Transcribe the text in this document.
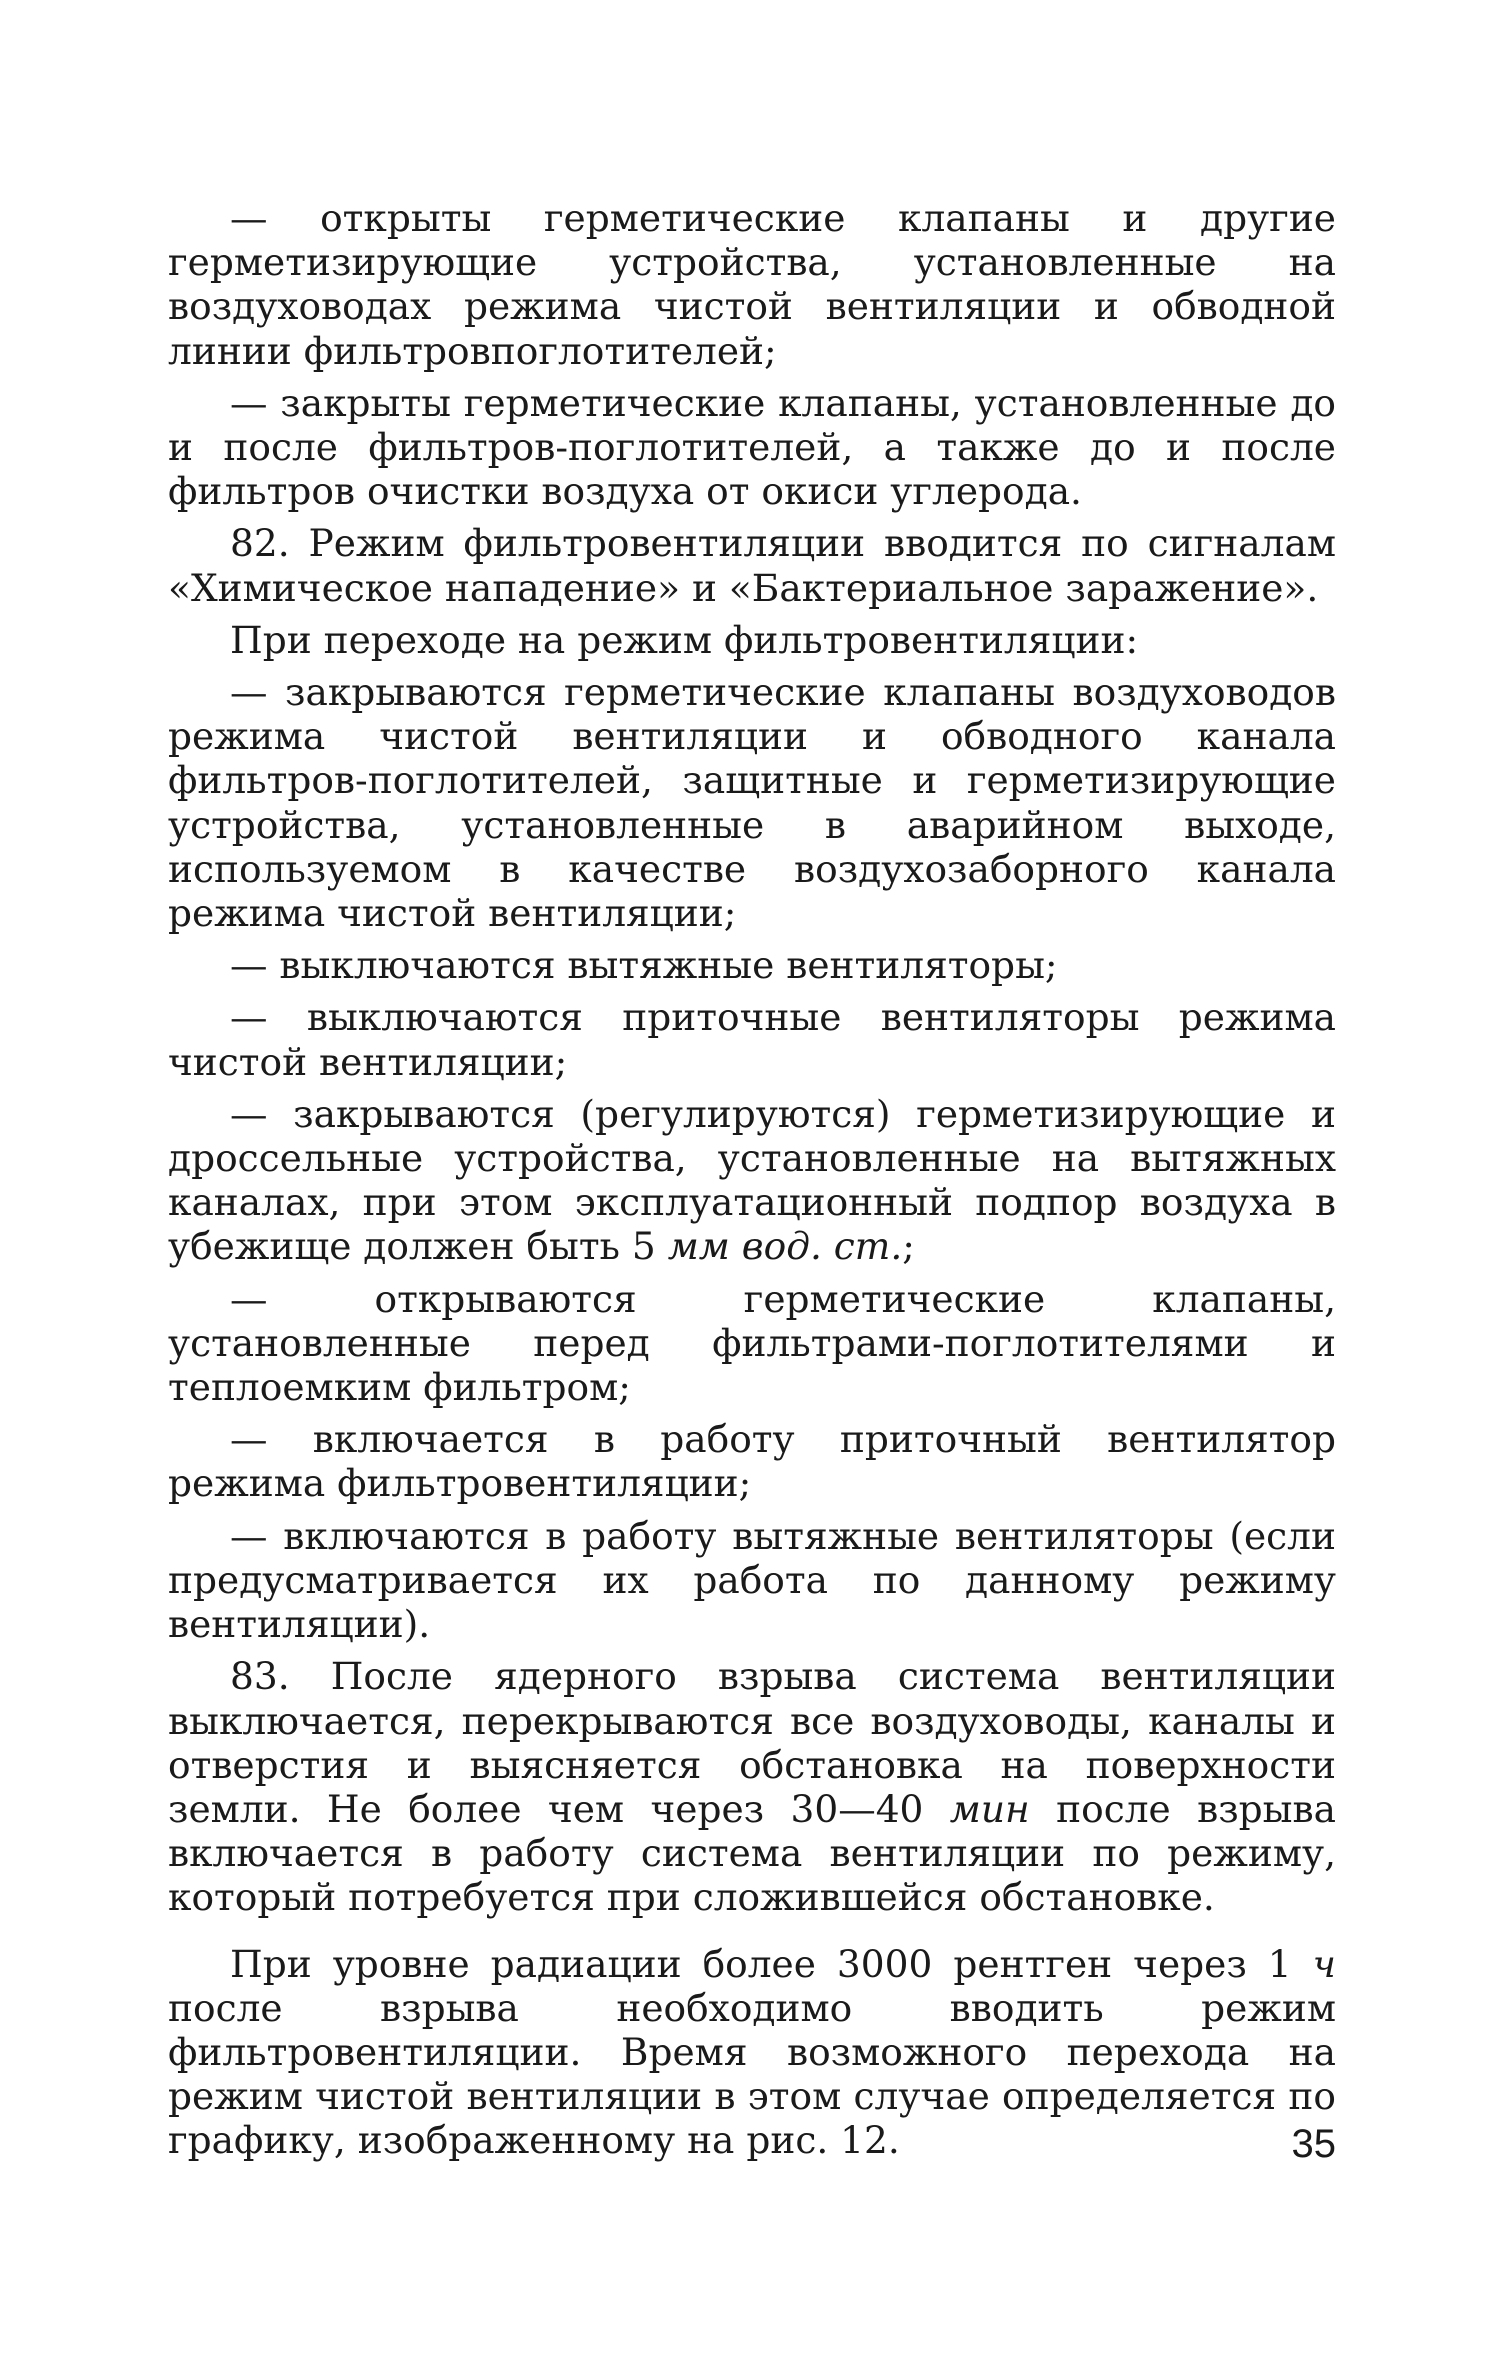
— открыты герметические клапаны и другие герметизирующие устройства, установленные на воздуховодах режима чистой вентиляции и обводной линии фильтровпоглотителей;

— закрыты герметические клапаны, установленные до и после фильтров-поглотителей, а также до и после фильтров очистки воздуха от окиси углерода.

82. Режим фильтровентиляции вводится по сигналам «Химическое нападение» и «Бактериальное заражение».

При переходе на режим фильтровентиляции:

— закрываются герметические клапаны воздуховодов режима чистой вентиляции и обводного канала фильтров-поглотителей, защитные и герметизирующие устройства, установленные в аварийном выходе, используемом в качестве воздухозаборного канала режима чистой вентиляции;

— выключаются вытяжные вентиляторы;

— выключаются приточные вентиляторы режима чистой вентиляции;

— закрываются (регулируются) герметизирующие и дроссельные устройства, установленные на вытяжных каналах, при этом эксплуатационный подпор воздуха в убежище должен быть 5 мм вод. ст.;

— открываются герметические клапаны, установленные перед фильтрами-поглотителями и теплоемким фильтром;

— включается в работу приточный вентилятор режима фильтровентиляции;

— включаются в работу вытяжные вентиляторы (если предусматривается их работа по данному режиму вентиляции).

83. После ядерного взрыва система вентиляции выключается, перекрываются все воздуховоды, каналы и отверстия и выясняется обстановка на поверхности земли. Не более чем через 30—40 мин после взрыва включается в работу система вентиляции по режиму, который потребуется при сложившейся обстановке.

При уровне радиации более 3000 рентген через 1 ч после взрыва необходимо вводить режим фильтровентиляции. Время возможного перехода на режим чистой вентиляции в этом случае определяется по графику, изображенному на рис. 12.	35
